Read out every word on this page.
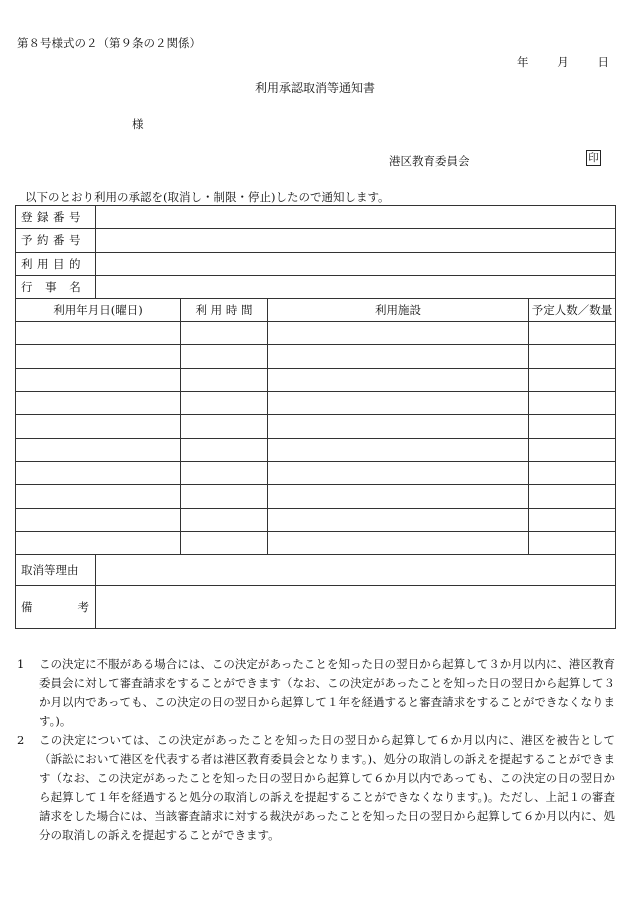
第８号様式の２（第９条の２関係）
年	月	日
利用承認取消等通知書
様
港区教育委員会	印
以下のとおり利用の承認を(取消し・制限・停止)したので通知します。
登録番号				
予約番号				
利用目的				
行 事 名				
利用年月日(曜日)		利 用 時 間	利用施設	予定人数／数量

取消等理由				

備 考				

1	この決定に不服がある場合には、この決定があったことを知った日の翌日から起算して３か月以内に、港区教育委員会に対して審査請求をすることができます（なお、この決定があったことを知った日の翌日から起算して３か月以内であっても、この決定の日の翌日から起算して１年を経過すると審査請求をすることができなくなります。)。
2	この決定については、この決定があったことを知った日の翌日から起算して６か月以内に、港区を被告として（訴訟において港区を代表する者は港区教育委員会となります。)、処分の取消しの訴えを提起することができます（なお、この決定があったことを知った日の翌日から起算して６か月以内であっても、この決定の日の翌日から起算して１年を経過すると処分の取消しの訴えを提起することができなくなります。)。ただし、上記１の審査請求をした場合には、当該審査請求に対する裁決があったことを知った日の翌日から起算して６か月以内に、処分の取消しの訴えを提起することができます。
